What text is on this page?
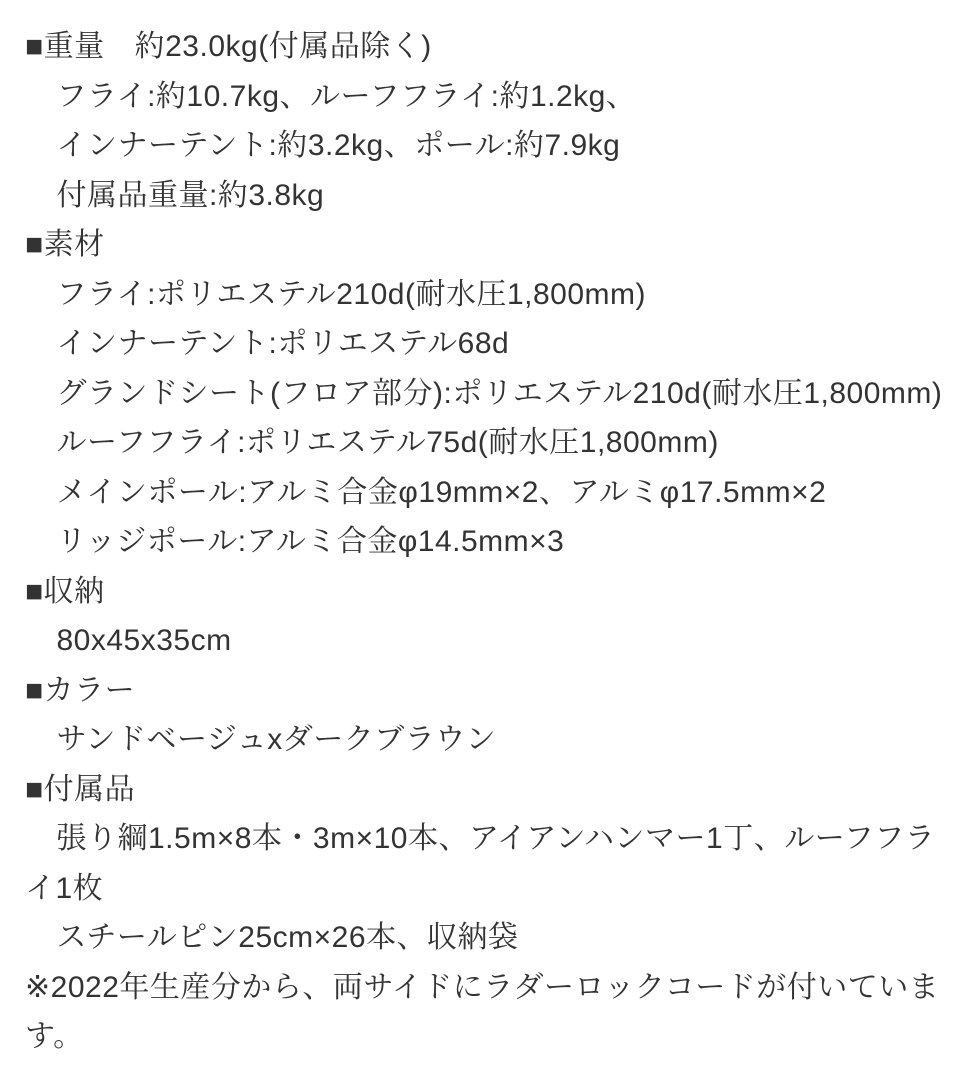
■重量 約23.0kg(付属品除く)

フライ:約10.7kg、ルーフフライ:約1.2kg、

インナーテント:約3.2kg、ポール:約7.9kg

付属品重量:約3.8kg

■素材

フライ:ポリエステル210d(耐水圧1,800mm)

インナーテント:ポリエステル68d

グランドシート(フロア部分):ポリエステル210d(耐水圧1,800mm)

ルーフフライ:ポリエステル75d(耐水圧1,800mm)

メインポール:アルミ合金φ19mm×2、アルミφ17.5mm×2

リッジポール:アルミ合金φ14.5mm×3

■収納

80x45x35cm

■カラー

サンドベージュxダークブラウン

■付属品

張り綱1.5m×8本・3m×10本、アイアンハンマー1丁、ルーフフライ1枚

スチールピン25cm×26本、収納袋

※2022年生産分から、両サイドにラダーロックコードが付いています。
